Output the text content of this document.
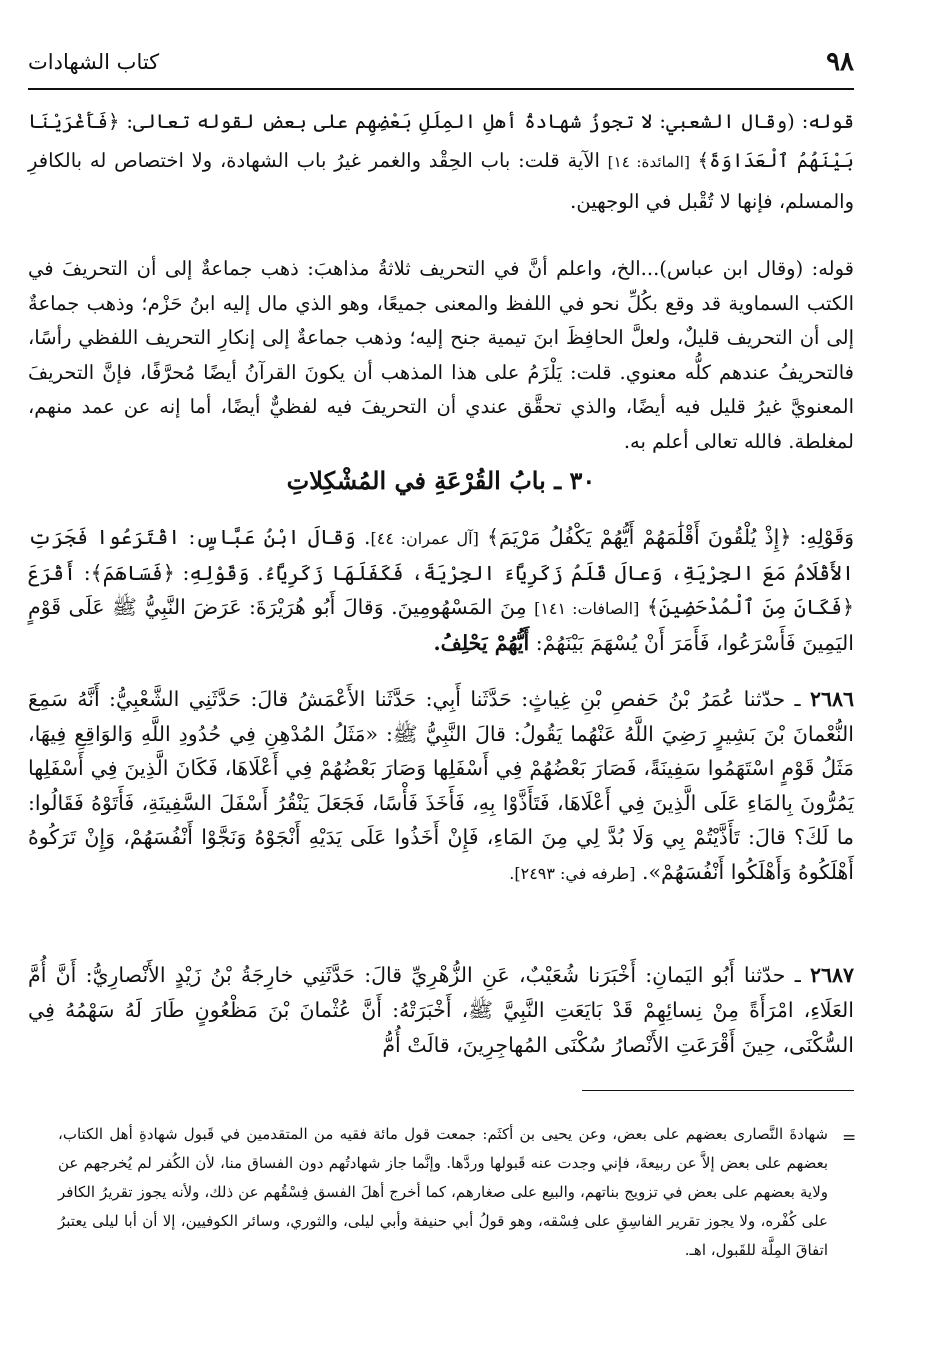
٩٨
كتاب الشهادات

قوله: (وقال الشعبي: لا تجوزُ شهادةُ أهلِ المِلَلِ بَعْضِهِم على بعض لقوله تعالى: ﴿فَأَغْرَيْنَا بَيْنَهُمُ ٱلْعَدَاوَةَ﴾ [المائدة: ١٤] الآية قلت: باب الحِقْد والغمر غيرُ باب الشهادة، ولا اختصاص له بالكافرِ والمسلم، فإنها لا تُقْبل في الوجهين.

قوله: (وقال ابن عباس)...الخ، واعلم أنَّ في التحريف ثلاثةُ مذاهبَ: ذهب جماعةٌ إلى أن التحريفَ في الكتب السماوية قد وقع بكُلِّ نحو في اللفظ والمعنى جميعًا، وهو الذي مال إليه ابنُ حَزْم؛ وذهب جماعةٌ إلى أن التحريف قليلٌ، ولعلَّ الحافِظَ ابنَ تيمية جنح إليه؛ وذهب جماعةٌ إلى إنكارِ التحريف اللفظي رأسًا، فالتحريفُ عندهم كلُّه معنوي. قلت: يَلْزَمُ على هذا المذهب أن يكونَ القرآنُ أيضًا مُحرَّفًا، فإنَّ التحريفَ المعنويَّ غيرُ قليل فيه أيضًا، والذي تحقَّق عندي أن التحريفَ فيه لفظيٌّ أيضًا، أما إنه عن عمد منهم، لمغلطة. فالله تعالى أعلم به.

٣٠ ـ بابُ القُرْعَةِ في المُشْكِلاتِ

وَقَوْلِهِ: ﴿إِذْ يُلْقُونَ أَقْلَٰمَهُمْ أَيُّهُمْ يَكْفُلُ مَرْيَمَ﴾ [آل عمران: ٤٤]. وَقالَ ابْنُ عَبَّاسٍ: اقْتَرَعُوا فَجَرَتِ الأَقْلَامُ مَعَ الجِرْيَةِ، وَعالَ قَلَمُ زَكَرِيَّاءَ الجِرْيَةَ، فَكَفَلَهَا زَكَرِيَّاءُ. وَقَوْلِهِ: ﴿فَسَاهَمَ﴾: أَقْرَعَ ﴿فَكَانَ مِنَ ٱلْمُدْحَضِينَ﴾ [الصافات: ١٤١] مِنَ المَسْهُومِينَ. وَقالَ أَبُو هُرَيْرَةَ: عَرَضَ النَّبِيُّ ﷺ عَلَى قَوْمٍ اليَمِينَ فَأَسْرَعُوا، فَأَمَرَ أَنْ يُسْهَمَ بَيْنَهُمْ: أَيُّهُمْ يَحْلِفُ.

٢٦٨٦ ـ حدّثنا عُمَرُ بْنُ حَفصِ بْنِ غِياثٍ: حَدَّثَنا أَبِي: حَدَّثَنا الأَعْمَشُ قالَ: حَدَّثَنِي الشَّعْبِيُّ: أَنَّهُ سَمِعَ النُّعْمانَ بْنَ بَشِيرٍ رَضِيَ اللَّهُ عَنْهُما يَقُولُ: قالَ النَّبِيُّ ﷺ: «مَثَلُ المُدْهِنِ فِي حُدُودِ اللَّهِ وَالوَاقِعِ فِيهَا، مَثَلُ قَوْمٍ اسْتَهَمُوا سَفِينَةً، فَصَارَ بَعْضُهُمْ فِي أَسْفَلِها وَصَارَ بَعْضُهُمْ فِي أَعْلَاهَا، فَكَانَ الَّذِينَ فِي أَسْفَلِها يَمُرُّونَ بِالمَاءِ عَلَى الَّذِينَ فِي أَعْلَاهَا، فَتَأَذَّوْا بِهِ، فَأَخَذَ فَأْسًا، فَجَعَلَ يَنْقُرُ أَسْفَلَ السَّفِينَةِ، فَأَتَوْهُ فَقَالُوا: ما لَكَ؟ قالَ: تَأَذَّيْتُمْ بِي وَلَا بُدَّ لِي مِنَ المَاءِ، فَإِنْ أَخَذُوا عَلَى يَدَيْهِ أَنْجَوْهُ وَنَجَّوْا أَنْفُسَهُمْ، وَإِنْ تَرَكُوهُ أَهْلَكُوهُ وَأَهْلَكُوا أَنْفُسَهُمْ». [طرفه في: ٢٤٩٣].

٢٦٨٧ ـ حدّثنا أَبُو اليَمانِ: أَخْبَرَنا شُعَيْبٌ، عَنِ الزُّهْرِيِّ قالَ: حَدَّثَنِي خارِجَةُ بْنُ زَيْدٍ الأَنْصارِيُّ: أَنَّ أُمَّ العَلَاءِ، امْرَأَةً مِنْ نِسائِهِمْ قَدْ بَايَعَتِ النَّبِيَّ ﷺ، أَخْبَرَتْهُ: أَنَّ عُثْمانَ بْنَ مَظْعُونٍ طَارَ لَهُ سَهْمُهُ فِي السُّكْنَى، حِينَ أَقْرَعَتِ الأَنْصارُ سُكْنَى المُهاجِرِينَ، قالَتْ أُمُّ

=

شهادةَ النَّصارى بعضهم على بعض، وعن يحيى بن أكثَم: جمعت قول مائة فقيه من المتقدمين في قَبول شهادةِ أهل الكتاب، بعضهم على بعض إلاَّ عن ربيعةَ، فإني وجدت عنه قَبولها وردَّها. وإنَّما جاز شهادتُهم دون الفساق منا، لأن الكُفر لم يُخرجهم عن ولاية بعضهم على بعض في تزويج بناتهم، والبيع على صغارهم، كما أخرج أهلَ الفسق فِسْقُهم عن ذلك، ولأنه يجوز تقريرُ الكافر على كُفْره، ولا يجوز تقرير الفاسِقِ على فِسْقه، وهو قولُ أبي حنيفة وأبي ليلى، والثوري، وسائر الكوفيين، إلا أن أبا ليلى يعتبرُ اتفاقَ المِلَّة للقَبول، اهـ.
